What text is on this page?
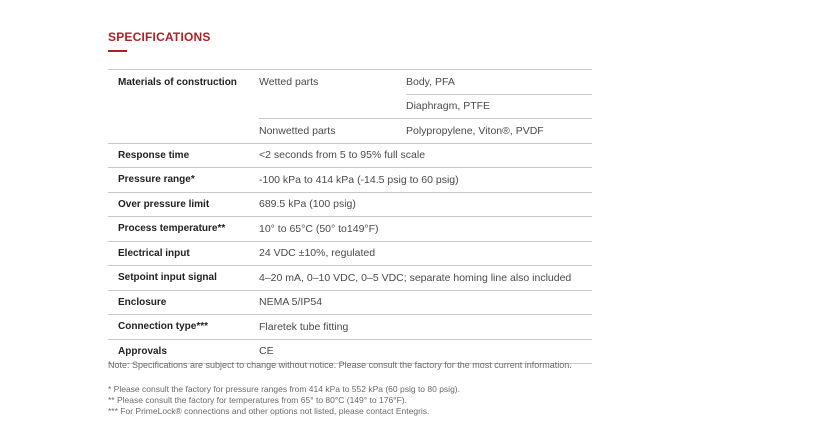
SPECIFICATIONS
Materials of construction	Wetted parts	Body, PFA
		Diaphragm, PTFE
	Nonwetted parts	Polypropylene, Viton®, PVDF
Response time	<2 seconds from 5 to 95% full scale	
Pressure range*	-100 kPa to 414 kPa (-14.5 psig to 60 psig)	
Over pressure limit	689.5 kPa (100 psig)	
Process temperature**	10° to 65°C (50° to149°F)	
Electrical input	24 VDC ±10%, regulated	
Setpoint input signal	4–20 mA, 0–10 VDC, 0–5 VDC; separate homing line also included	
Enclosure	NEMA 5/IP54	
Connection type***	Flaretek tube fitting	
Approvals	CE	
Note: Specifications are subject to change without notice. Please consult the factory for the most current information.
* Please consult the factory for pressure ranges from 414 kPa to 552 kPa (60 psig to 80 psig).
** Please consult the factory for temperatures from 65° to 80°C (149° to 176°F).
*** For PrimeLock® connections and other options not listed, please contact Entegris.
